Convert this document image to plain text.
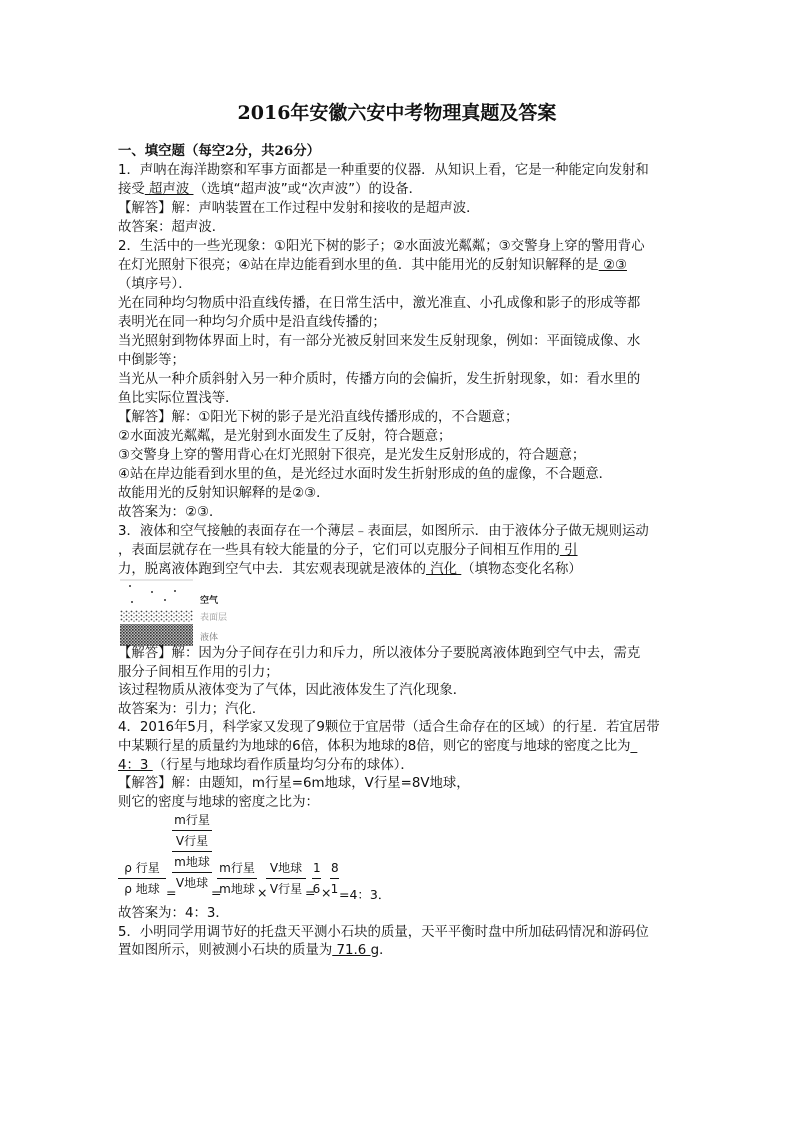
2016年安徽六安中考物理真题及答案
一、填空题（每空2分，共26分）
1．声呐在海洋勘察和军事方面都是一种重要的仪器．从知识上看，它是一种能定向发射和
接受 超声波 （选填“超声波”或“次声波”）的设备．
【解答】解：声呐装置在工作过程中发射和接收的是超声波．
故答案：超声波．
2．生活中的一些光现象：①阳光下树的影子；②水面波光粼粼；③交警身上穿的警用背心
在灯光照射下很亮；④站在岸边能看到水里的鱼．其中能用光的反射知识解释的是 ②③
（填序号）．
光在同种均匀物质中沿直线传播，在日常生活中，激光准直、小孔成像和影子的形成等都
表明光在同一种均匀介质中是沿直线传播的；
当光照射到物体界面上时，有一部分光被反射回来发生反射现象，例如：平面镜成像、水
中倒影等；
当光从一种介质斜射入另一种介质时，传播方向的会偏折，发生折射现象，如：看水里的
鱼比实际位置浅等．
【解答】解：①阳光下树的影子是光沿直线传播形成的，不合题意；
②水面波光粼粼，是光射到水面发生了反射，符合题意；
③交警身上穿的警用背心在灯光照射下很亮，是光发生反射形成的，符合题意；
④站在岸边能看到水里的鱼，是光经过水面时发生折射形成的鱼的虚像，不合题意．
故能用光的反射知识解释的是②③．
故答案为：②③．
3．液体和空气接触的表面存在一个薄层﹣表面层，如图所示．由于液体分子做无规则运动
，表面层就存在一些具有较大能量的分子，它们可以克服分子间相互作用的 引
力，脱离液体跑到空气中去．其宏观表现就是液体的 汽化 （填物态变化名称）
空气
表面层
液体
【解答】解：因为分子间存在引力和斥力，所以液体分子要脱离液体跑到空气中去，需克
服分子间相互作用的引力；
该过程物质从液体变为了气体，因此液体发生了汽化现象．
故答案为：引力；汽化．
4．2016年5月，科学家又发现了9颗位于宜居带（适合生命存在的区域）的行星．若宜居带
中某颗行星的质量约为地球的6倍，体积为地球的8倍，则它的密度与地球的密度之比为_
4：3 （行星与地球均看作质量均匀分布的球体）．
【解答】解：由题知，m行星=6m地球，V行星=8V地球，
则它的密度与地球的密度之比为：
ρ 行星
ρ 地球 =
m行星
V行星
m地球
V地球
=
m行星
m地球 ×
V地球
V行星 =
$\frac{1}{6}$ ×
$\frac{8}{1} =4$：3．
故答案为：4：3．
5．小明同学用调节好的托盘天平测小石块的质量，天平平衡时盘中所加砝码情况和游码位
置如图所示，则被测小石块的质量为 71.6 g．
